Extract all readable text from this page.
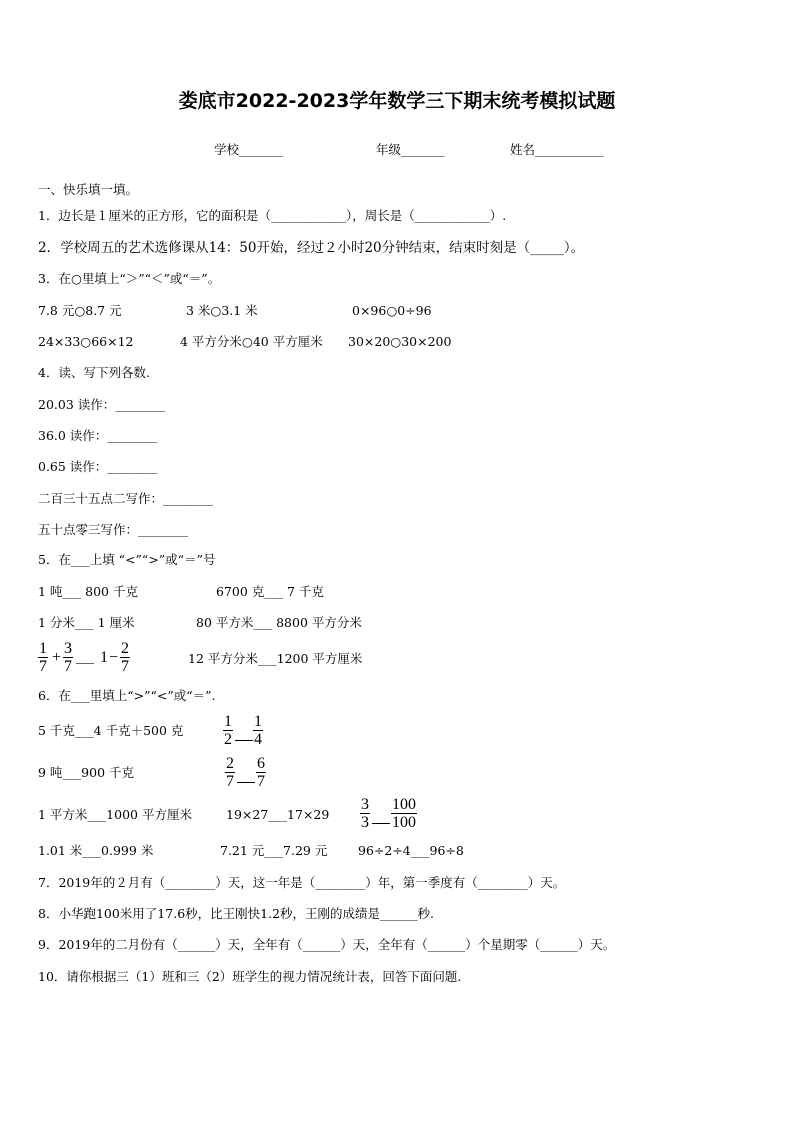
娄底市2022-2023学年数学三下期末统考模拟试题
学校_______	年级_______	姓名___________
一、快乐填一填。
1．边长是１厘米的正方形，它的面积是（____________），周长是（____________）.
2．学校周五的艺术选修课从14：50开始，经过２小时20分钟结束，结束时刻是（_____）。
3．在○里填上“＞”“＜”或“＝”。
7.8 元○8.7 元	3 米○3.1 米	0×96○0÷96
24×33○66×12	4 平方分米○40 平方厘米 30×20○30×200
4．读、写下列各数.
20.03 读作：________
36.0 读作：________
0.65 读作：________
二百三十五点二写作：________
五十点零三写作：________
5．在___上填 “<”“>”或“＝”号
1 吨___ 800 千克	6700 克___ 7 千克
1 分米___ 1 厘米	80 平方米___ 8800 平方分米
1
7
+
3
7 ___ 1 −
2
7	12 平方分米___1200 平方厘米
6．在___里填上“>”“<”或“＝”.
5 千克___4 千克＋500 克
1
2
1
4
9 吨___900 千克
2
7
6
7
1 平方米___1000 平方厘米	19×27___17×29
3
3
100
100
1.01 米___0.999 米	7.21 元___7.29 元 96÷2÷4___96÷8
7．2019年的２月有（________）天，这一年是（________）年，第一季度有（________）天。
8．小华跑100米用了17.6秒，比王刚快1.2秒，王刚的成绩是______秒.
9．2019年的二月份有（______）天，全年有（______）天，全年有（______）个星期零（______）天。
10．请你根据三（1）班和三（2）班学生的视力情况统计表，回答下面问题.
